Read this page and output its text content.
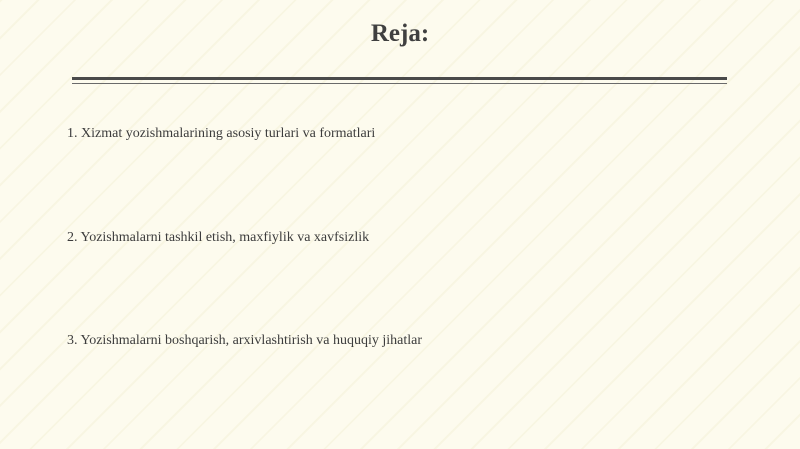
Reja:
1. Xizmat yozishmalarining asosiy turlari va formatlari
2. Yozishmalarni tashkil etish, maxfiylik va xavfsizlik
3. Yozishmalarni boshqarish, arxivlashtirish va huquqiy jihatlar
